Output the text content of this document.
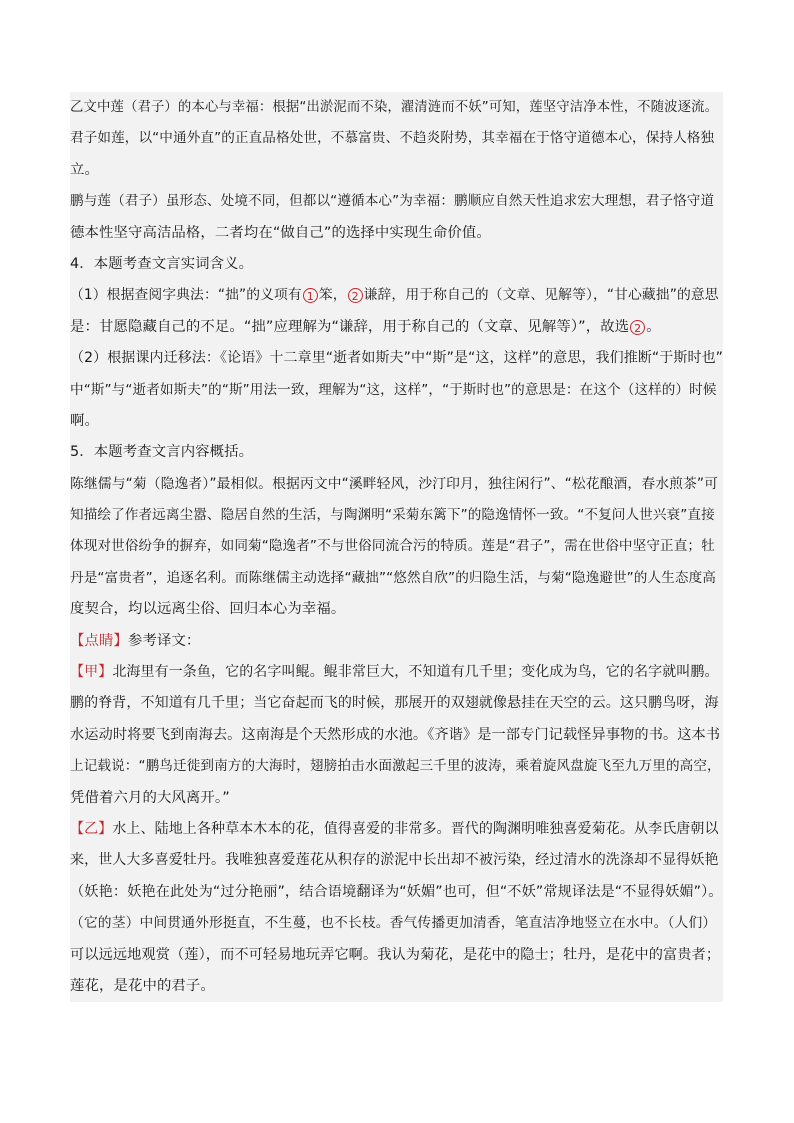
乙文中莲（君子）的本心与幸福：根据“出淤泥而不染，濯清涟而不妖”可知，莲坚守洁净本性，不随波逐流。
君子如莲，以“中通外直”的正直品格处世，不慕富贵、不趋炎附势，其幸福在于恪守道德本心，保持人格独
立。
鹏与莲（君子）虽形态、处境不同，但都以“遵循本心”为幸福：鹏顺应自然天性追求宏大理想，君子恪守道
德本性坚守高洁品格，二者均在“做自己”的选择中实现生命价值。
4．本题考查文言实词含义。
（1）根据查阅字典法：“拙”的义项有 1 笨， 2 谦辞，用于称自己的（文章、见解等），“甘心藏拙”的意思
是：甘愿隐藏自己的不足。“拙”应理解为“谦辞，用于称自己的（文章、见解等）”，故选 2 。
（2）根据课内迁移法：《论语》十二章里“逝者如斯夫”中“斯”是“这，这样”的意思，我们推断“于斯时也”
中“斯”与“逝者如斯夫”的“斯”用法一致，理解为“这，这样”，“于斯时也”的意思是：在这个（这样的）时候
啊。
5．本题考查文言内容概括。
陈继儒与“菊（隐逸者）”最相似。根据丙文中“溪畔轻风，沙汀印月，独往闲行”、“松花酿酒，春水煎茶”可
知描绘了作者远离尘嚣、隐居自然的生活，与陶渊明“采菊东篱下”的隐逸情怀一致。“不复问人世兴衰”直接
体现对世俗纷争的摒弃，如同菊“隐逸者”不与世俗同流合污的特质。莲是“君子”，需在世俗中坚守正直；牡
丹是“富贵者”，追逐名利。而陈继儒主动选择“藏拙”“悠然自欣”的归隐生活，与菊“隐逸避世”的人生态度高
度契合，均以远离尘俗、回归本心为幸福。
【点睛】参考译文：
【甲】北海里有一条鱼，它的名字叫鲲。鲲非常巨大，不知道有几千里；变化成为鸟，它的名字就叫鹏。
鹏的脊背，不知道有几千里；当它奋起而飞的时候，那展开的双翅就像悬挂在天空的云。这只鹏鸟呀，海
水运动时将要飞到南海去。这南海是个天然形成的水池。《齐谐》是一部专门记载怪异事物的书。这本书
上记载说：“鹏鸟迁徙到南方的大海时，翅膀拍击水面激起三千里的波涛，乘着旋风盘旋飞至九万里的高空，
凭借着六月的大风离开。”
【乙】水上、陆地上各种草本木本的花，值得喜爱的非常多。晋代的陶渊明唯独喜爱菊花。从李氏唐朝以
来，世人大多喜爱牡丹。我唯独喜爱莲花从积存的淤泥中长出却不被污染，经过清水的洗涤却不显得妖艳
（妖艳：妖艳在此处为“过分艳丽”，结合语境翻译为“妖媚”也可，但“不妖”常规译法是“不显得妖媚”）。
（它的茎）中间贯通外形挺直，不生蔓，也不长枝。香气传播更加清香，笔直洁净地竖立在水中。（人们）
可以远远地观赏（莲），而不可轻易地玩弄它啊。我认为菊花，是花中的隐士；牡丹，是花中的富贵者；
莲花，是花中的君子。
